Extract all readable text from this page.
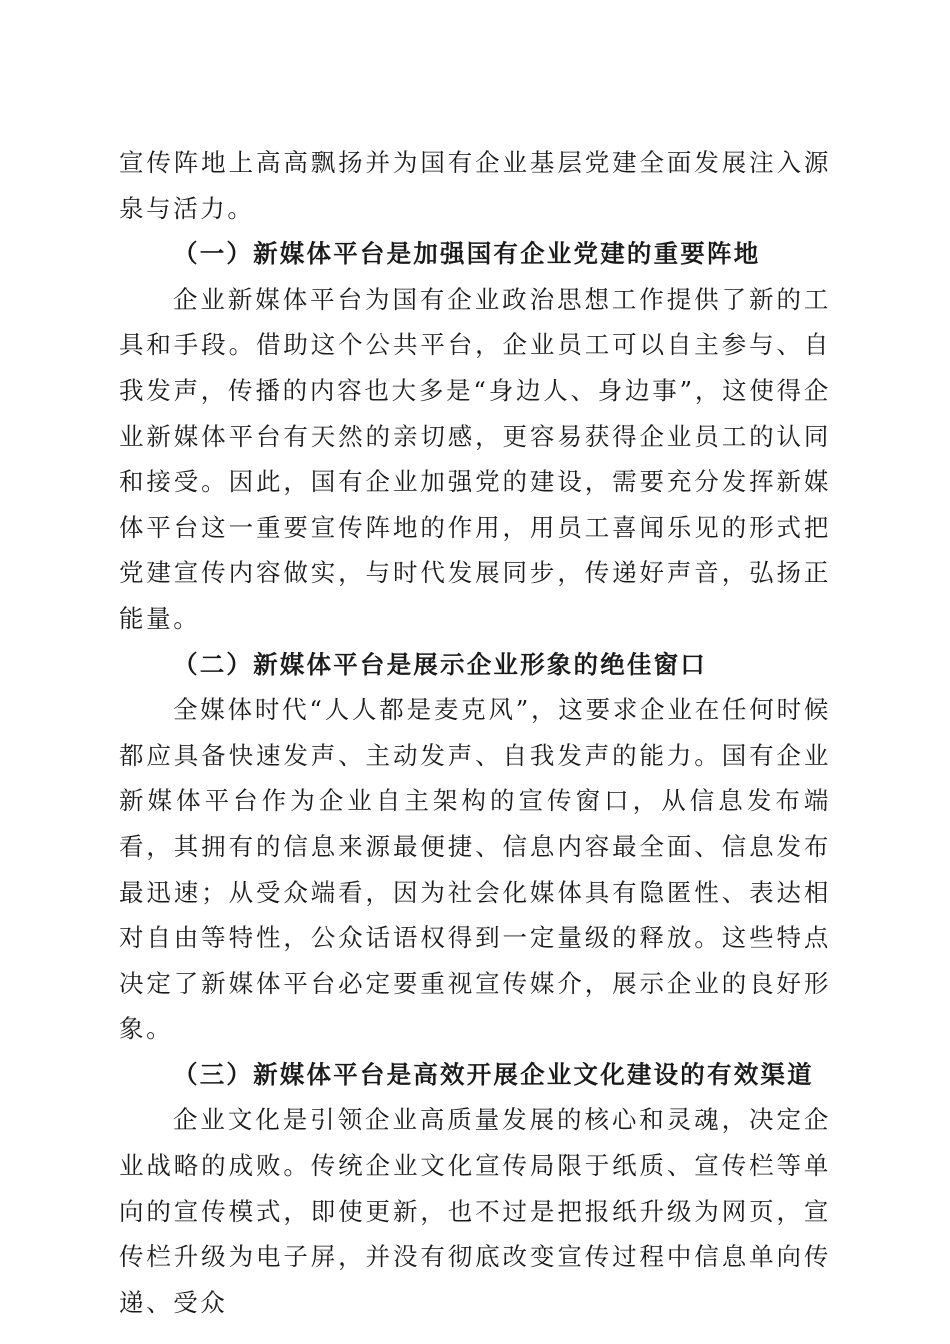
宣传阵地上高高飘扬并为国有企业基层党建全面发展注入源泉与活力。

（一）新媒体平台是加强国有企业党建的重要阵地

企业新媒体平台为国有企业政治思想工作提供了新的工具和手段。借助这个公共平台，企业员工可以自主参与、自我发声，传播的内容也大多是“身边人、身边事”，这使得企业新媒体平台有天然的亲切感，更容易获得企业员工的认同和接受。因此，国有企业加强党的建设，需要充分发挥新媒体平台这一重要宣传阵地的作用，用员工喜闻乐见的形式把党建宣传内容做实，与时代发展同步，传递好声音，弘扬正能量。

（二）新媒体平台是展示企业形象的绝佳窗口

全媒体时代“人人都是麦克风”，这要求企业在任何时候都应具备快速发声、主动发声、自我发声的能力。国有企业新媒体平台作为企业自主架构的宣传窗口，从信息发布端看，其拥有的信息来源最便捷、信息内容最全面、信息发布最迅速；从受众端看，因为社会化媒体具有隐匿性、表达相对自由等特性，公众话语权得到一定量级的释放。这些特点决定了新媒体平台必定要重视宣传媒介，展示企业的良好形象。

（三）新媒体平台是高效开展企业文化建设的有效渠道

企业文化是引领企业高质量发展的核心和灵魂，决定企业战略的成败。传统企业文化宣传局限于纸质、宣传栏等单向的宣传模式，即使更新，也不过是把报纸升级为网页，宣传栏升级为电子屏，并没有彻底改变宣传过程中信息单向传递、受众
